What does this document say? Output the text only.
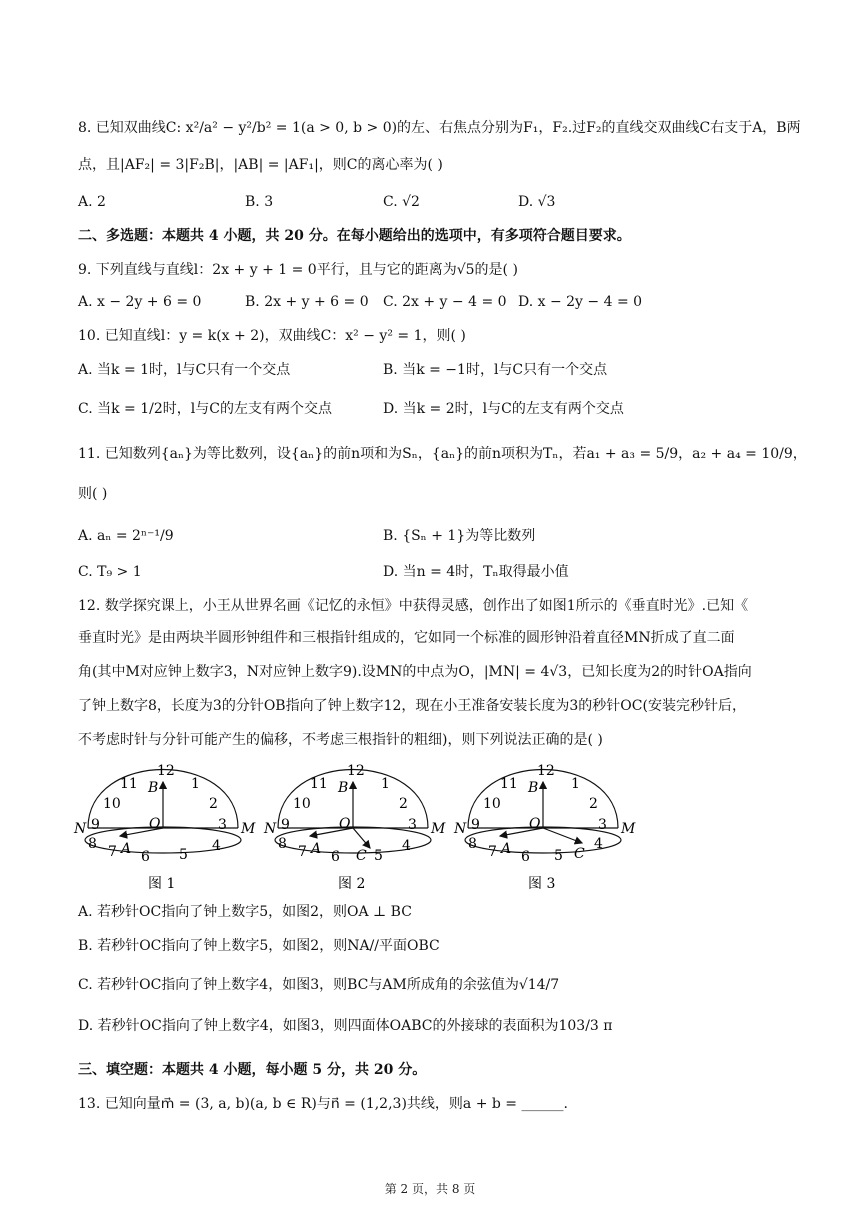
8. 已知双曲线C: x²/a² − y²/b² = 1(a > 0, b > 0)的左、右焦点分别为F₁，F₂.过F₂的直线交双曲线C右支于A，B两
点，且|AF₂| = 3|F₂B|，|AB| = |AF₁|，则C的离心率为( )
A. 2	B. 3	C. √2	D. √3
二、多选题：本题共 4 小题，共 20 分。在每小题给出的选项中，有多项符合题目要求。
9. 下列直线与直线l：2x + y + 1 = 0平行，且与它的距离为√5的是( )
A. x − 2y + 6 = 0	B. 2x + y + 6 = 0 C. 2x + y − 4 = 0 D. x − 2y − 4 = 0
10. 已知直线l：y = k(x + 2)，双曲线C：x² − y² = 1，则( )
A. 当k = 1时，l与C只有一个交点	B. 当k = −1时，l与C只有一个交点
C. 当k = 1/2时，l与C的左支有两个交点	D. 当k = 2时，l与C的左支有两个交点
11. 已知数列{aₙ}为等比数列，设{aₙ}的前n项和为Sₙ，{aₙ}的前n项积为Tₙ，若a₁ + a₃ = 5/9，a₂ + a₄ = 10/9，
则( )
A. aₙ = 2ⁿ⁻¹/9	B. {Sₙ + 1}为等比数列
C. T₉ > 1	D. 当n = 4时，Tₙ取得最小值
12. 数学探究课上，小王从世界名画《记忆的永恒》中获得灵感，创作出了如图1所示的《垂直时光》.已知《
垂直时光》是由两块半圆形钟组件和三根指针组成的，它如同一个标准的圆形钟沿着直径MN折成了直二面
角(其中M对应钟上数字3，N对应钟上数字9).设MN的中点为O，|MN| = 4√3，已知长度为2的时针OA指向
了钟上数字8，长度为3的分针OB指向了钟上数字12，现在小王准备安装长度为3的秒针OC(安装完秒针后，
不考虑时针与分针可能产生的偏移，不考虑三根指针的粗细)，则下列说法正确的是( )
12
11	1
10	2
N 9	O	3 M
8 7 6 5
4
A
B
图 1
12
11	1
10	2
N 9	O	3 M
8 7 6 5
4
A
B
C
图 2
12
11	1
10	2
N 9	O	3 M
8 7 6 5
4
A
B
C
图 3
A. 若秒针OC指向了钟上数字5，如图2，则OA ⊥ BC
B. 若秒针OC指向了钟上数字5，如图2，则NA//平面OBC
C. 若秒针OC指向了钟上数字4，如图3，则BC与AM所成角的余弦值为√14/7
D. 若秒针OC指向了钟上数字4，如图3，则四面体OABC的外接球的表面积为103/3 π
三、填空题：本题共 4 小题，每小题 5 分，共 20 分。
13. 已知向量m⃗ = (3, a, b)(a, b ∈ R)与n⃗ = (1,2,3)共线，则a + b = ______.
第 2 页，共 8 页
